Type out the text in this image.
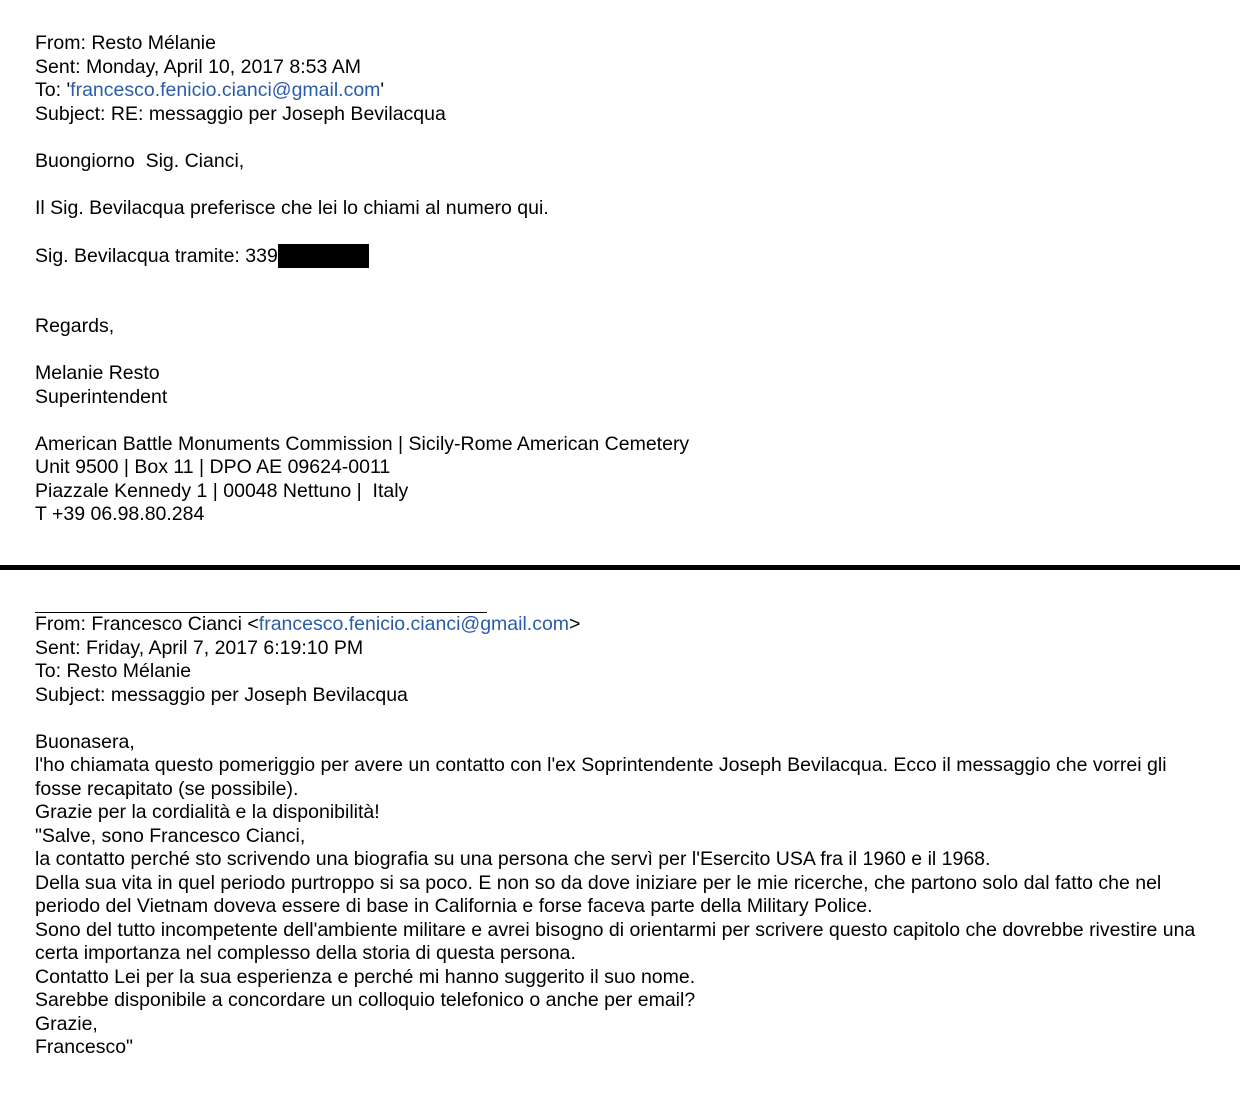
From: Resto Mélanie
Sent: Monday, April 10, 2017 8:53 AM
To: 'francesco.fenicio.cianci@gmail.com'
Subject: RE: messaggio per Joseph Bevilacqua
Buongiorno  Sig. Cianci,
Il Sig. Bevilacqua preferisce che lei lo chiami al numero qui.
Sig. Bevilacqua tramite: 339
Regards,
Melanie Resto
Superintendent
American Battle Monuments Commission | Sicily-Rome American Cemetery
Unit 9500 | Box 11 | DPO AE 09624-0011
Piazzale Kennedy 1 | 00048 Nettuno |  Italy
T +39 06.98.80.284
From: Francesco Cianci <francesco.fenicio.cianci@gmail.com>
Sent: Friday, April 7, 2017 6:19:10 PM
To: Resto Mélanie
Subject: messaggio per Joseph Bevilacqua
Buonasera,
l'ho chiamata questo pomeriggio per avere un contatto con l'ex Soprintendente Joseph Bevilacqua. Ecco il messaggio che vorrei gli fosse recapitato (se possibile).
Grazie per la cordialità e la disponibilità!
"Salve, sono Francesco Cianci,
la contatto perché sto scrivendo una biografia su una persona che servì per l'Esercito USA fra il 1960 e il 1968.
Della sua vita in quel periodo purtroppo si sa poco. E non so da dove iniziare per le mie ricerche, che partono solo dal fatto che nel periodo del Vietnam doveva essere di base in California e forse faceva parte della Military Police.
Sono del tutto incompetente dell'ambiente militare e avrei bisogno di orientarmi per scrivere questo capitolo che dovrebbe rivestire una certa importanza nel complesso della storia di questa persona.
Contatto Lei per la sua esperienza e perché mi hanno suggerito il suo nome.
Sarebbe disponibile a concordare un colloquio telefonico o anche per email?
Grazie,
Francesco"
